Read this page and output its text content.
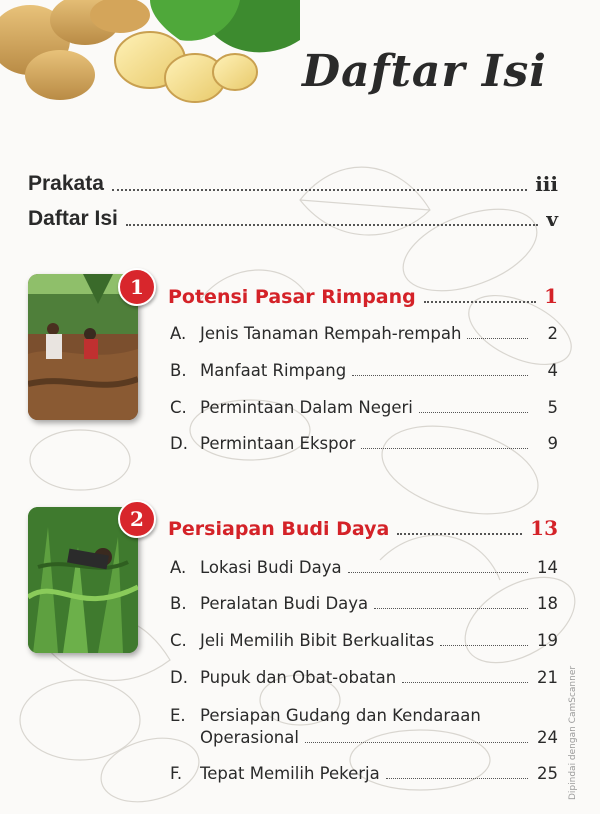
Daftar Isi
Prakata	iii
Daftar Isi	v
1	Potensi Pasar Rimpang	1
A. Jenis Tanaman Rempah-rempah	2
B. Manfaat Rimpang	4
C. Permintaan Dalam Negeri	5
D. Permintaan Ekspor	9
2	Persiapan Budi Daya	13
A. Lokasi Budi Daya	14
B. Peralatan Budi Daya	18
C. Jeli Memilih Bibit Berkualitas	19
D. Pupuk dan Obat-obatan	21
E. Persiapan Gudang dan Kendaraan
Operasional	24
F.	Tepat Memilih Pekerja	25 Dipindai dengan CamScanner
